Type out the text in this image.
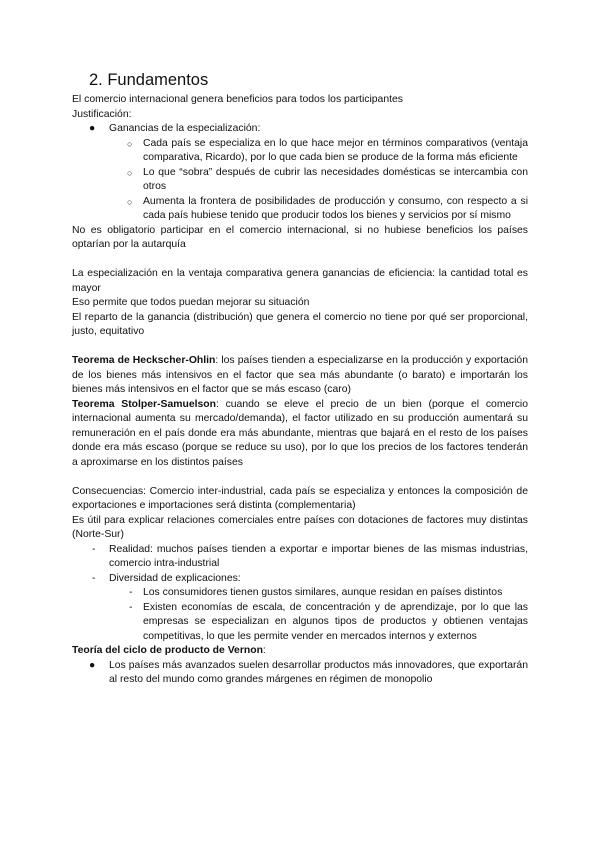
2. Fundamentos

El comercio internacional genera beneficios para todos los participantes

Justificación:

● Ganancias de la especialización:
○ Cada país se especializa en lo que hace mejor en términos comparativos (ventaja comparativa, Ricardo), por lo que cada bien se produce de la forma más eficiente
○ Lo que “sobra” después de cubrir las necesidades domésticas se intercambia con otros
○ Aumenta la frontera de posibilidades de producción y consumo, con respecto a si cada país hubiese tenido que producir todos los bienes y servicios por sí mismo

No es obligatorio participar en el comercio internacional, si no hubiese beneficios los países optarían por la autarquía

La especialización en la ventaja comparativa genera ganancias de eficiencia: la cantidad total es mayor

Eso permite que todos puedan mejorar su situación

El reparto de la ganancia (distribución) que genera el comercio no tiene por qué ser proporcional, justo, equitativo

Teorema de Heckscher-Ohlin: los países tienden a especializarse en la producción y exportación de los bienes más intensivos en el factor que sea más abundante (o barato) e importarán los bienes más intensivos en el factor que se más escaso (caro)

Teorema Stolper-Samuelson: cuando se eleve el precio de un bien (porque el comercio internacional aumenta su mercado/demanda), el factor utilizado en su producción aumentará su remuneración en el país donde era más abundante, mientras que bajará en el resto de los países donde era más escaso (porque se reduce su uso), por lo que los precios de los factores tenderán a aproximarse en los distintos países

Consecuencias: Comercio inter-industrial, cada país se especializa y entonces la composición de exportaciones e importaciones será distinta (complementaria)

Es útil para explicar relaciones comerciales entre países con dotaciones de factores muy distintas (Norte-Sur)

- Realidad: muchos países tienden a exportar e importar bienes de las mismas industrias, comercio intra-industrial
- Diversidad de explicaciones:
- Los consumidores tienen gustos similares, aunque residan en países distintos
- Existen economías de escala, de concentración y de aprendizaje, por lo que las empresas se especializan en algunos tipos de productos y obtienen ventajas competitivas, lo que les permite vender en mercados internos y externos

Teoría del ciclo de producto de Vernon:

● Los países más avanzados suelen desarrollar productos más innovadores, que exportarán al resto del mundo como grandes márgenes en régimen de monopolio
